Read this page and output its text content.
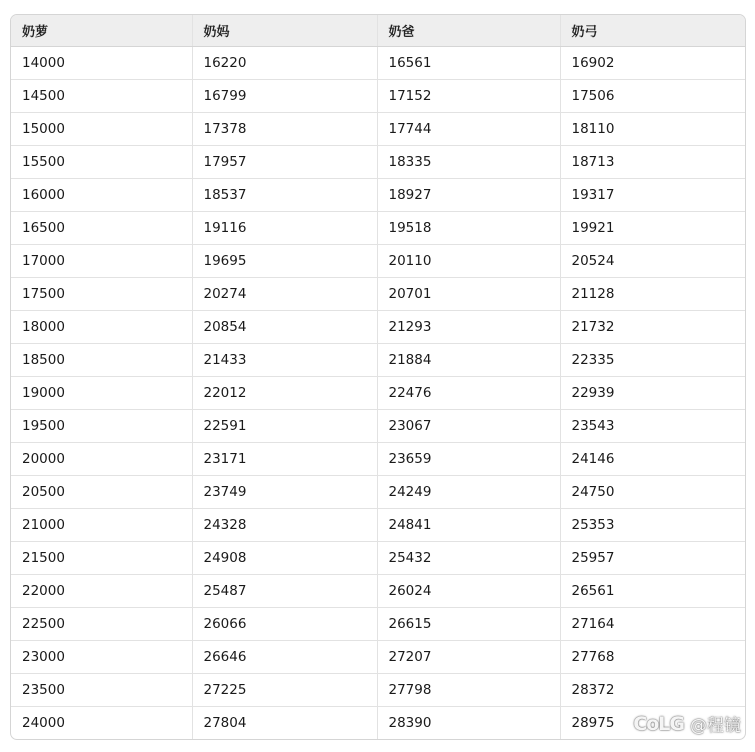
奶萝	奶妈	奶爸	奶弓
14000	16220	16561	16902
14500	16799	17152	17506
15000	17378	17744	18110
15500	17957	18335	18713
16000	18537	18927	19317
16500	19116	19518	19921
17000	19695	20110	20524
17500	20274	20701	21128
18000	20854	21293	21732
18500	21433	21884	22335
19000	22012	22476	22939
19500	22591	23067	23543
20000	23171	23659	24146
20500	23749	24249	24750
21000	24328	24841	25353
21500	24908	25432	25957
22000	25487	26024	26561
22500	26066	26615	27164
23000	26646	27207	27768
23500	27225	27798	28372
24000	27804	28390	28975 CoLG @程镜
